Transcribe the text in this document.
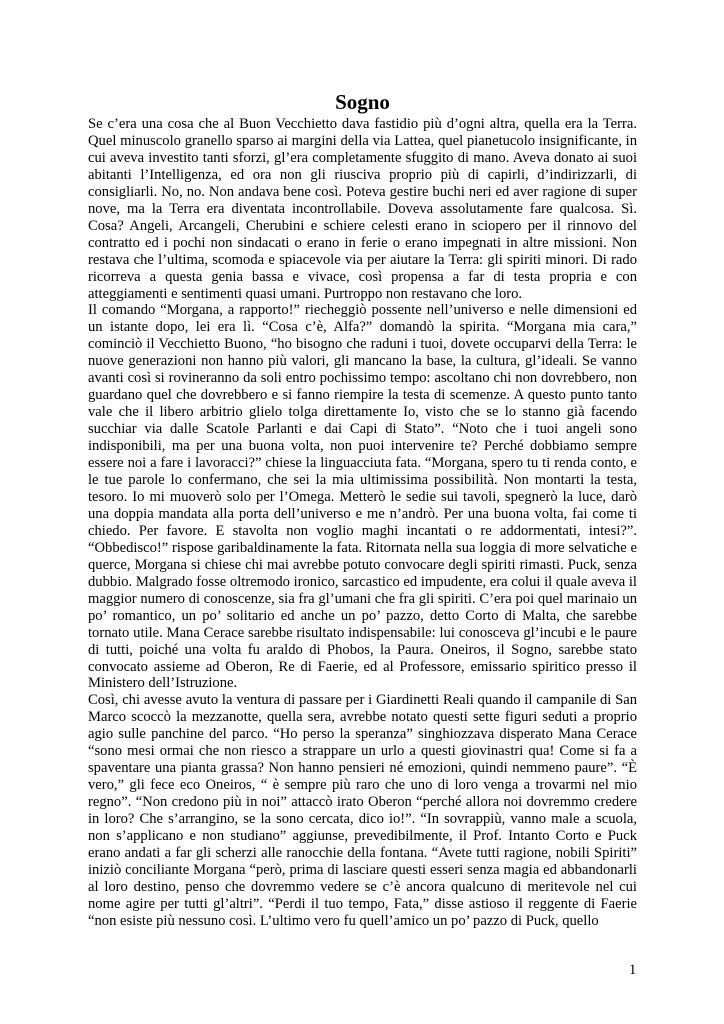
Sogno

Se c’era una cosa che al Buon Vecchietto dava fastidio più d’ogni altra, quella era la Terra. Quel minuscolo granello sparso ai margini della via Lattea, quel pianetucolo insignificante, in cui aveva investito tanti sforzi, gl’era completamente sfuggito di mano. Aveva donato ai suoi abitanti l’Intelligenza, ed ora non gli riusciva proprio più di capirli, d’indirizzarli, di consigliarli. No, no. Non andava bene così. Poteva gestire buchi neri ed aver ragione di super nove, ma la Terra era diventata incontrollabile. Doveva assolutamente fare qualcosa. Sì. Cosa? Angeli, Arcangeli, Cherubini e schiere celesti erano in sciopero per il rinnovo del contratto ed i pochi non sindacati o erano in ferie o erano impegnati in altre missioni. Non restava che l’ultima, scomoda e spiacevole via per aiutare la Terra: gli spiriti minori. Di rado ricorreva a questa genia bassa e vivace, così propensa a far di testa propria e con atteggiamenti e sentimenti quasi umani. Purtroppo non restavano che loro.

Il comando “Morgana, a rapporto!” riecheggiò possente nell’universo e nelle dimensioni ed un istante dopo, lei era lì. “Cosa c’è, Alfa?” domandò la spirita. “Morgana mia cara,” cominciò il Vecchietto Buono, “ho bisogno che raduni i tuoi, dovete occuparvi della Terra: le nuove generazioni non hanno più valori, gli mancano la base, la cultura, gl’ideali. Se vanno avanti così si rovineranno da soli entro pochissimo tempo: ascoltano chi non dovrebbero, non guardano quel che dovrebbero e si fanno riempire la testa di scemenze. A questo punto tanto vale che il libero arbitrio glielo tolga direttamente Io, visto che se lo stanno già facendo succhiar via dalle Scatole Parlanti e dai Capi di Stato”. “Noto che i tuoi angeli sono indisponibili, ma per una buona volta, non puoi intervenire te? Perché dobbiamo sempre essere noi a fare i lavoracci?” chiese la linguacciuta fata. “Morgana, spero tu ti renda conto, e le tue parole lo confermano, che sei la mia ultimissima possibilità. Non montarti la testa, tesoro. Io mi muoverò solo per l’Omega. Metterò le sedie sui tavoli, spegnerò la luce, darò una doppia mandata alla porta dell’universo e me n’andrò. Per una buona volta, fai come ti chiedo. Per favore. E stavolta non voglio maghi incantati o re addormentati, intesi?”. “Obbedisco!” rispose garibaldinamente la fata. Ritornata nella sua loggia di more selvatiche e querce, Morgana si chiese chi mai avrebbe potuto convocare degli spiriti rimasti. Puck, senza dubbio. Malgrado fosse oltremodo ironico, sarcastico ed impudente, era colui il quale aveva il maggior numero di conoscenze, sia fra gl’umani che fra gli spiriti. C’era poi quel marinaio un po’ romantico, un po’ solitario ed anche un po’ pazzo, detto Corto di Malta, che sarebbe tornato utile. Mana Cerace sarebbe risultato indispensabile: lui conosceva gl’incubi e le paure di tutti, poiché una volta fu araldo di Phobos, la Paura. Oneiros, il Sogno, sarebbe stato convocato assieme ad Oberon, Re di Faerie, ed al Professore, emissario spiritico presso il Ministero dell’Istruzione.

Così, chi avesse avuto la ventura di passare per i Giardinetti Reali quando il campanile di San Marco scoccò la mezzanotte, quella sera, avrebbe notato questi sette figuri seduti a proprio agio sulle panchine del parco. “Ho perso la speranza” singhiozzava disperato Mana Cerace “sono mesi ormai che non riesco a strappare un urlo a questi giovinastri qua! Come si fa a spaventare una pianta grassa? Non hanno pensieri né emozioni, quindi nemmeno paure”. “È vero,” gli fece eco Oneiros, “ è sempre più raro che uno di loro venga a trovarmi nel mio regno”. “Non credono più in noi” attaccò irato Oberon “perché allora noi dovremmo credere in loro? Che s’arrangino, se la sono cercata, dico io!”. “In sovrappiù, vanno male a scuola, non s’applicano e non studiano” aggiunse, prevedibilmente, il Prof. Intanto Corto e Puck erano andati a far gli scherzi alle ranocchie della fontana. “Avete tutti ragione, nobili Spiriti” iniziò conciliante Morgana “però, prima di lasciare questi esseri senza magia ed abbandonarli al loro destino, penso che dovremmo vedere se c’è ancora qualcuno di meritevole nel cui nome agire per tutti gl’altri”. “Perdi il tuo tempo, Fata,” disse astioso il reggente di Faerie “non esiste più nessuno così. L’ultimo vero fu quell’amico un po’ pazzo di Puck, quello

1
